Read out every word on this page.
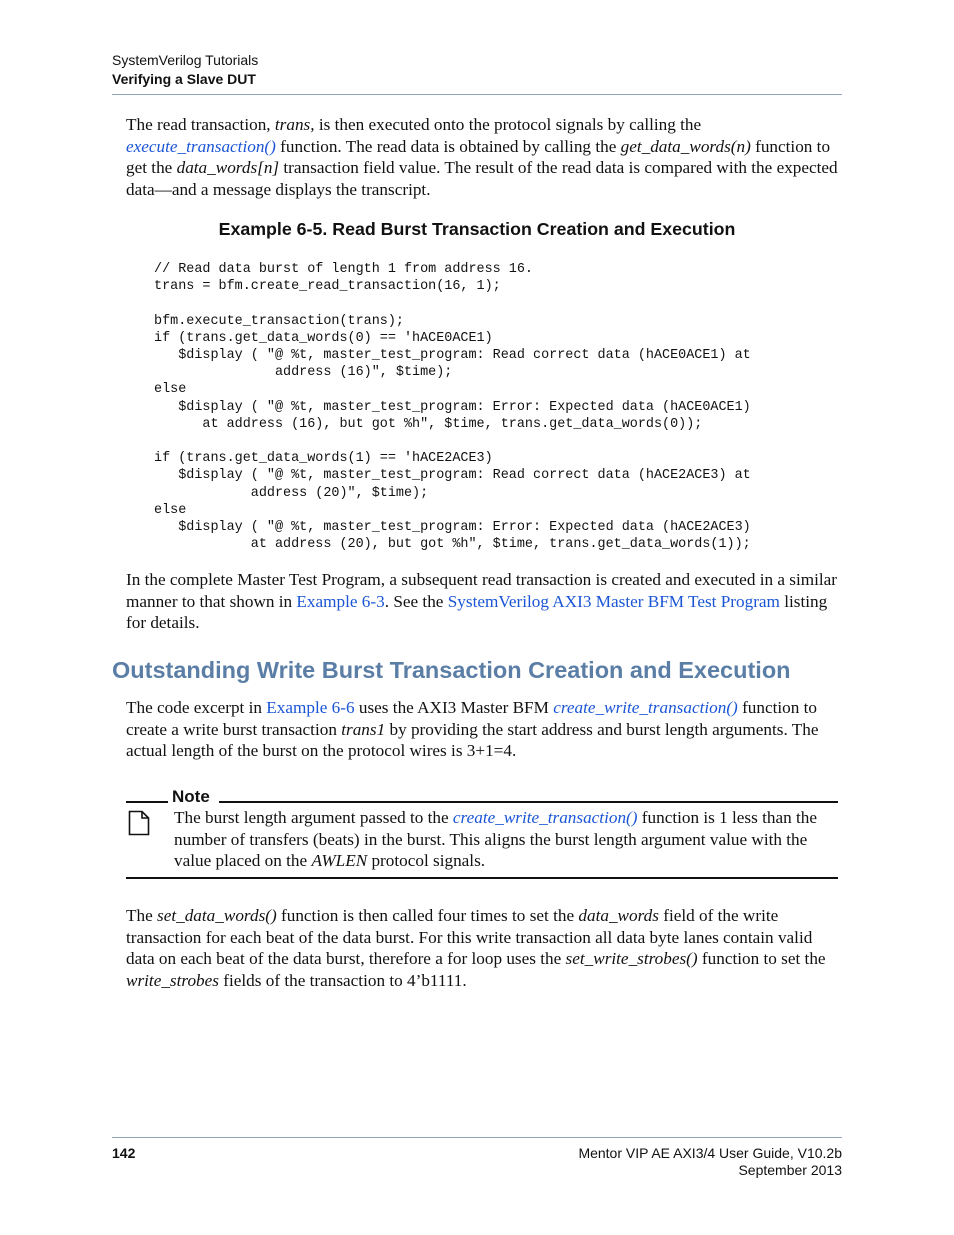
SystemVerilog Tutorials
Verifying a Slave DUT
The read transaction, trans, is then executed onto the protocol signals by calling the execute_transaction() function. The read data is obtained by calling the get_data_words(n) function to get the data_words[n] transaction field value. The result of the read data is compared with the expected data—and a message displays the transcript.
Example 6-5. Read Burst Transaction Creation and Execution
// Read data burst of length 1 from address 16.
trans = bfm.create_read_transaction(16, 1);

bfm.execute_transaction(trans);
if (trans.get_data_words(0) == 'hACE0ACE1)
$display ( "@ %t, master_test_program: Read correct data (hACE0ACE1) at
address (16)", $time);
else
$display ( "@ %t, master_test_program: Error: Expected data (hACE0ACE1)
at address (16), but got %h", $time, trans.get_data_words(0));

if (trans.get_data_words(1) == 'hACE2ACE3)
$display ( "@ %t, master_test_program: Read correct data (hACE2ACE3) at
address (20)", $time);
else
$display ( "@ %t, master_test_program: Error: Expected data (hACE2ACE3)
at address (20), but got %h", $time, trans.get_data_words(1));
In the complete Master Test Program, a subsequent read transaction is created and executed in a similar manner to that shown in Example 6-3. See the SystemVerilog AXI3 Master BFM Test Program listing for details.
Outstanding Write Burst Transaction Creation and Execution
The code excerpt in Example 6-6 uses the AXI3 Master BFM create_write_transaction() function to create a write burst transaction trans1 by providing the start address and burst length arguments. The actual length of the burst on the protocol wires is 3+1=4.
Note
The burst length argument passed to the create_write_transaction() function is 1 less than the number of transfers (beats) in the burst. This aligns the burst length argument value with the value placed on the AWLEN protocol signals.
The set_data_words() function is then called four times to set the data_words field of the write transaction for each beat of the data burst. For this write transaction all data byte lanes contain valid data on each beat of the data burst, therefore a for loop uses the set_write_strobes() function to set the write_strobes fields of the transaction to 4’b1111.
142	Mentor VIP AE AXI3/4 User Guide, V10.2b
September 2013
